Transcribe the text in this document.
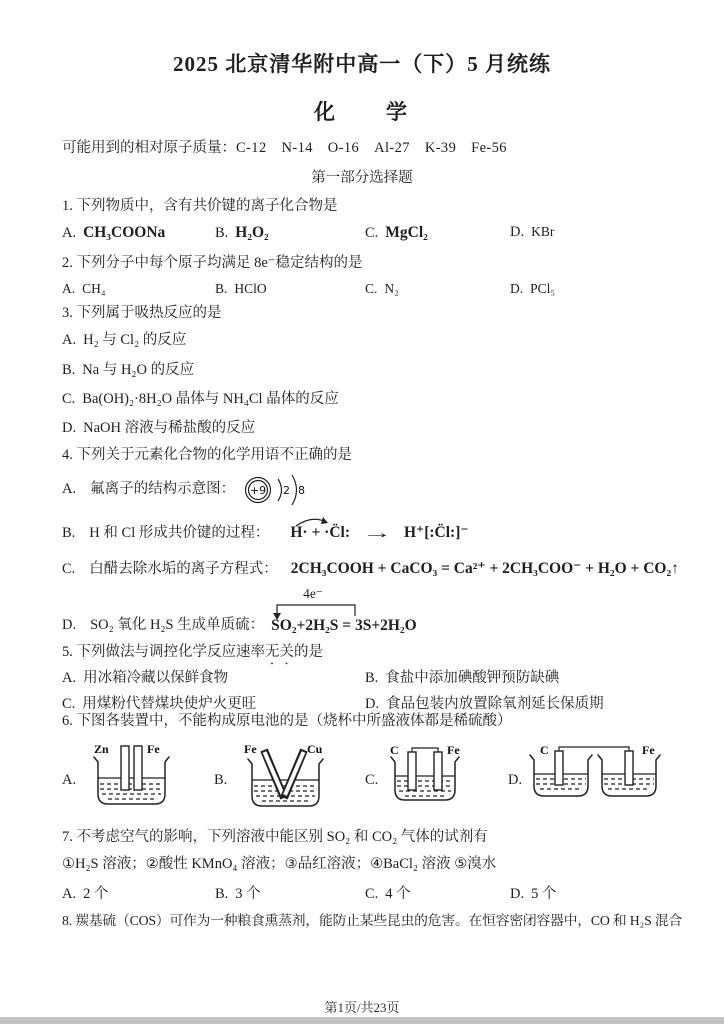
2025 北京清华附中高一（下）5 月统练
化　　学
可能用到的相对原子质量：C-12　N-14　O-16　Al-27　K-39　Fe-56
第一部分选择题
1. 下列物质中，含有共价键的离子化合物是
A. CH₃COONa	B. H₂O₂	C. MgCl₂	D. KBr
2. 下列分子中每个原子均满足 8e⁻稳定结构的是
A. CH₄	B. HClO	C. N₂	D. PCl₅
3. 下列属于吸热反应的是
A. H₂ 与 Cl₂ 的反应
B. Na 与 H₂O 的反应
C. Ba(OH)₂·8H₂O 晶体与 NH₄Cl 晶体的反应
D. NaOH 溶液与稀盐酸的反应
4. 下列关于元素化合物的化学用语不正确的是
A. 氟离子的结构示意图： +9 2 8
B. H 和 Cl 形成共价键的过程： H· + ·C̈l: → H⁺[:C̈l:]⁻
C. 白醋去除水垢的离子方程式： 2CH₃COOH + CaCO₃ = Ca²⁺ + 2CH₃COO⁻ + H₂O + CO₂↑
D. SO₂ 氧化 H₂S 生成单质硫：
4e⁻
SO₂+2H₂S = 3S+2H₂O
5. 下列做法与调控化学反应速率无关的是
A. 用冰箱冷藏以保鲜食物	B. 食盐中添加碘酸钾预防缺碘
C. 用煤粉代替煤块使炉火更旺	D. 食品包装内放置除氧剂延长保质期
6. 下图各装置中，不能构成原电池的是（烧杯中所盛液体都是稀硫酸）
A.
Zn	Fe
B.
Fe	Cu
C.
C	Fe
D.
C	Fe
7. 不考虑空气的影响，下列溶液中能区别 SO₂ 和 CO₂ 气体的试剂有
①H₂S 溶液；②酸性 KMnO₄ 溶液；③品红溶液；④BaCl₂ 溶液 ⑤溴水
A. 2 个	B. 3 个	C. 4 个	D. 5 个
8. 羰基硫（COS）可作为一种粮食熏蒸剂，能防止某些昆虫的危害。在恒容密闭容器中，CO 和 H₂S 混合
第1页/共23页
